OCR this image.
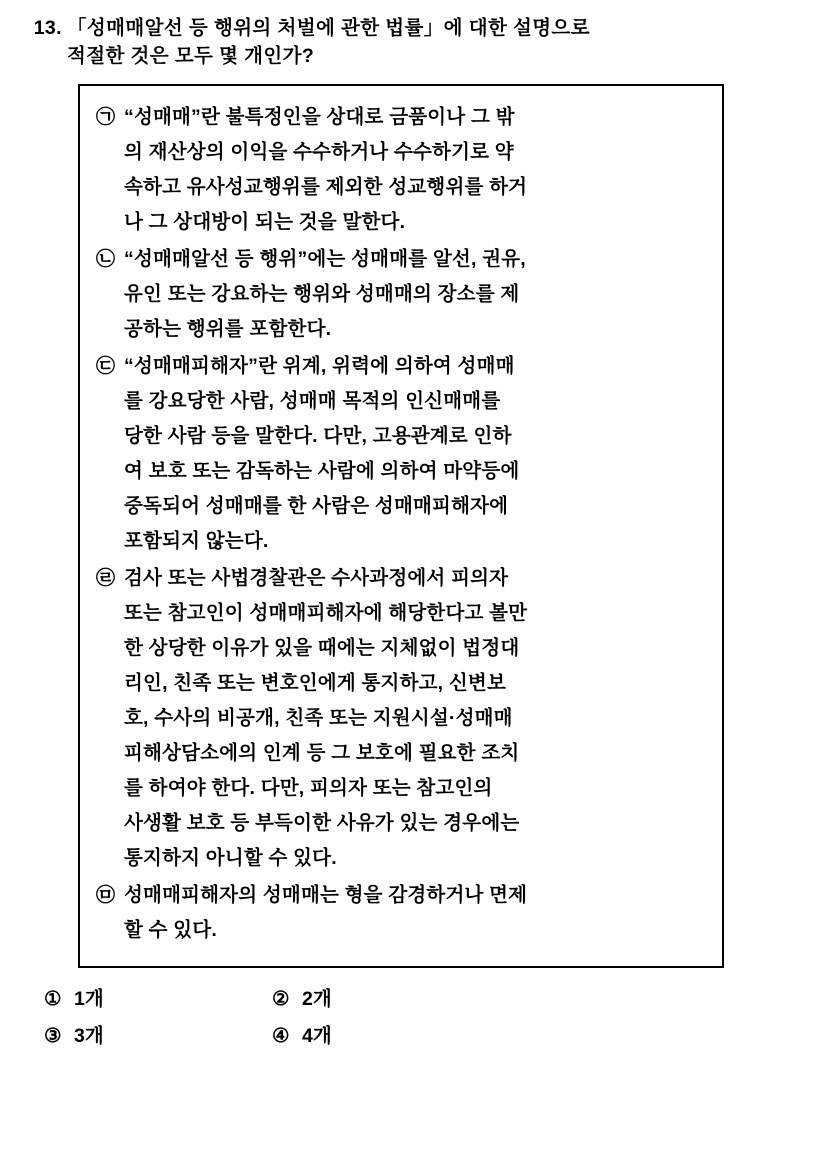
13. 「성매매알선 등 행위의 처벌에 관한 법률」에 대한 설명으로
적절한 것은 모두 몇 개인가?
㉠ “성매매”란 불특정인을 상대로 금품이나 그 밖
의 재산상의 이익을 수수하거나 수수하기로 약
속하고 유사성교행위를 제외한 성교행위를 하거
나 그 상대방이 되는 것을 말한다.
㉡ “성매매알선 등 행위”에는 성매매를 알선, 권유,
유인 또는 강요하는 행위와 성매매의 장소를 제
공하는 행위를 포함한다.
㉢ “성매매피해자”란 위계, 위력에 의하여 성매매
를 강요당한 사람, 성매매 목적의 인신매매를
당한 사람 등을 말한다. 다만, 고용관계로 인하
여 보호 또는 감독하는 사람에 의하여 마약등에
중독되어 성매매를 한 사람은 성매매피해자에
포함되지 않는다.
㉣ 검사 또는 사법경찰관은 수사과정에서 피의자
또는 참고인이 성매매피해자에 해당한다고 볼만
한 상당한 이유가 있을 때에는 지체없이 법정대
리인, 친족 또는 변호인에게 통지하고, 신변보
호, 수사의 비공개, 친족 또는 지원시설·성매매
피해상담소에의 인계 등 그 보호에 필요한 조치
를 하여야 한다. 다만, 피의자 또는 참고인의
사생활 보호 등 부득이한 사유가 있는 경우에는
통지하지 아니할 수 있다.
㉤ 성매매피해자의 성매매는 형을 감경하거나 면제
할 수 있다.
① 1개	② 2개
③ 3개	④ 4개
